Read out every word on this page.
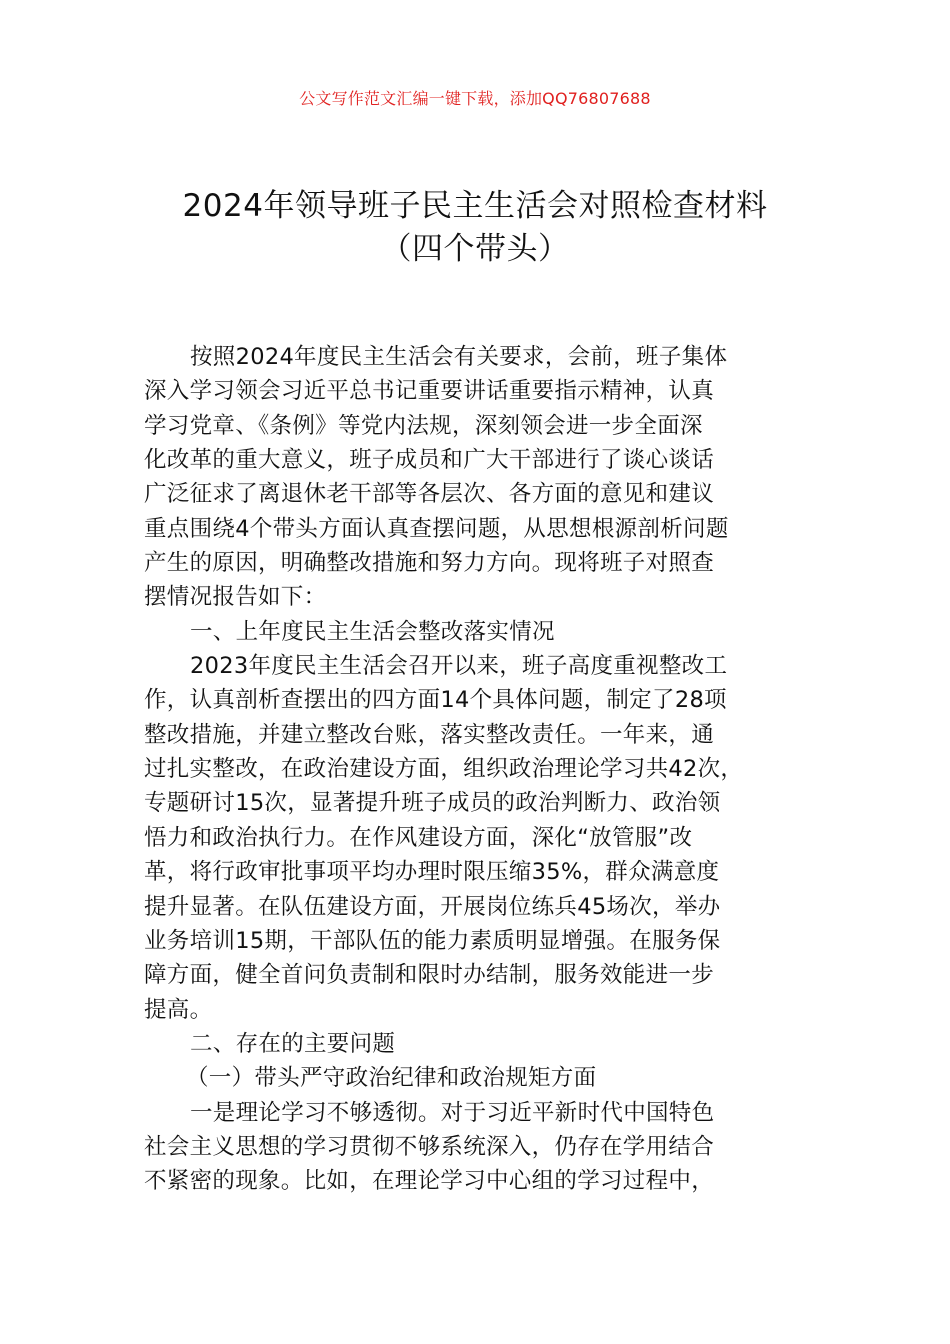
公文写作范文汇编一键下载，添加QQ76807688
2024年领导班子民主生活会对照检查材料
（四个带头）
按照2024年度民主生活会有关要求，会前，班子集体
深入学习领会习近平总书记重要讲话重要指示精神，认真
学习党章、《条例》等党内法规，深刻领会进一步全面深
化改革的重大意义，班子成员和广大干部进行了谈心谈话
广泛征求了离退休老干部等各层次、各方面的意见和建议
重点围绕4个带头方面认真查摆问题，从思想根源剖析问题
产生的原因，明确整改措施和努力方向。现将班子对照查
摆情况报告如下：
一、上年度民主生活会整改落实情况
2023年度民主生活会召开以来，班子高度重视整改工
作，认真剖析查摆出的四方面14个具体问题，制定了28项
整改措施，并建立整改台账，落实整改责任。一年来，通
过扎实整改，在政治建设方面，组织政治理论学习共42次，
专题研讨15次，显著提升班子成员的政治判断力、政治领
悟力和政治执行力。在作风建设方面，深化“放管服”改
革，将行政审批事项平均办理时限压缩35%，群众满意度
提升显著。在队伍建设方面，开展岗位练兵45场次，举办
业务培训15期，干部队伍的能力素质明显增强。在服务保
障方面，健全首问负责制和限时办结制，服务效能进一步
提高。
二、存在的主要问题
（一）带头严守政治纪律和政治规矩方面
一是理论学习不够透彻。对于习近平新时代中国特色
社会主义思想的学习贯彻不够系统深入，仍存在学用结合
不紧密的现象。比如，在理论学习中心组的学习过程中，
